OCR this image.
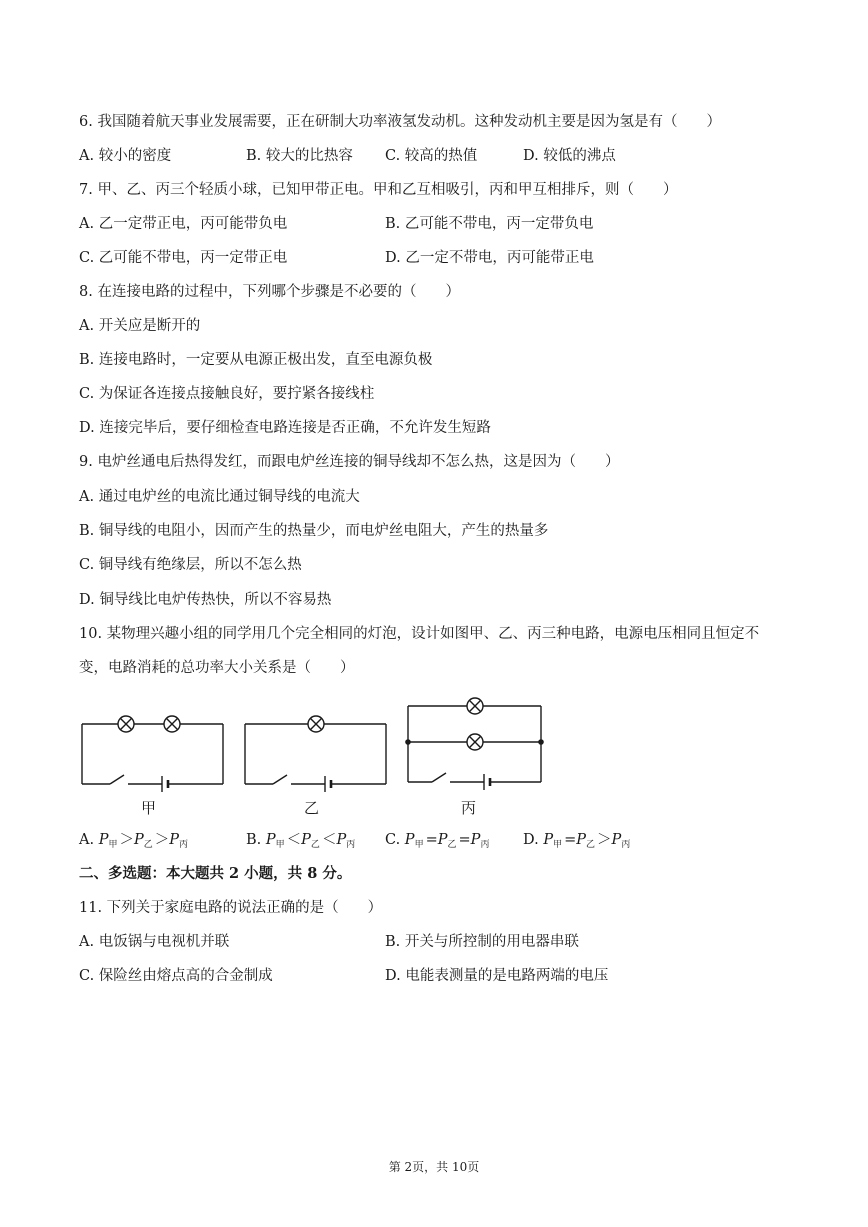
6. 我国随着航天事业发展需要，正在研制大功率液氢发动机。这种发动机主要是因为氢是有（　　）
A. 较小的密度	B. 较大的比热容 C. 较高的热值	D. 较低的沸点
7. 甲、乙、丙三个轻质小球，已知甲带正电。甲和乙互相吸引，丙和甲互相排斥，则（　　）
A. 乙一定带正电，丙可能带负电	B. 乙可能不带电，丙一定带负电
C. 乙可能不带电，丙一定带正电	D. 乙一定不带电，丙可能带正电
8. 在连接电路的过程中，下列哪个步骤是不必要的（　　）
A. 开关应是断开的
B. 连接电路时，一定要从电源正极出发，直至电源负极
C. 为保证各连接点接触良好，要拧紧各接线柱
D. 连接完毕后，要仔细检查电路连接是否正确，不允许发生短路
9. 电炉丝通电后热得发红，而跟电炉丝连接的铜导线却不怎么热，这是因为（　　）
A. 通过电炉丝的电流比通过铜导线的电流大
B. 铜导线的电阻小，因而产生的热量少，而电炉丝电阻大，产生的热量多
C. 铜导线有绝缘层，所以不怎么热
D. 铜导线比电炉传热快，所以不容易热
10. 某物理兴趣小组的同学用几个完全相同的灯泡，设计如图甲、乙、丙三种电路，电源电压相同且恒定不
变，电路消耗的总功率大小关系是（　　）
甲	乙	丙
A. $P_甲 >P_乙 >P_丙$	B. $P_甲 <P_乙 <P_丙$ C. $P_甲 =P_乙 =P_丙$ D. $P_甲 =P_乙 >P_丙$
二、多选题：本大题共 2 小题，共 8 分。
11. 下列关于家庭电路的说法正确的是（　　）
A. 电饭锅与电视机并联	B. 开关与所控制的用电器串联
C. 保险丝由熔点高的合金制成	D. 电能表测量的是电路两端的电压
第 2页，共 10页
